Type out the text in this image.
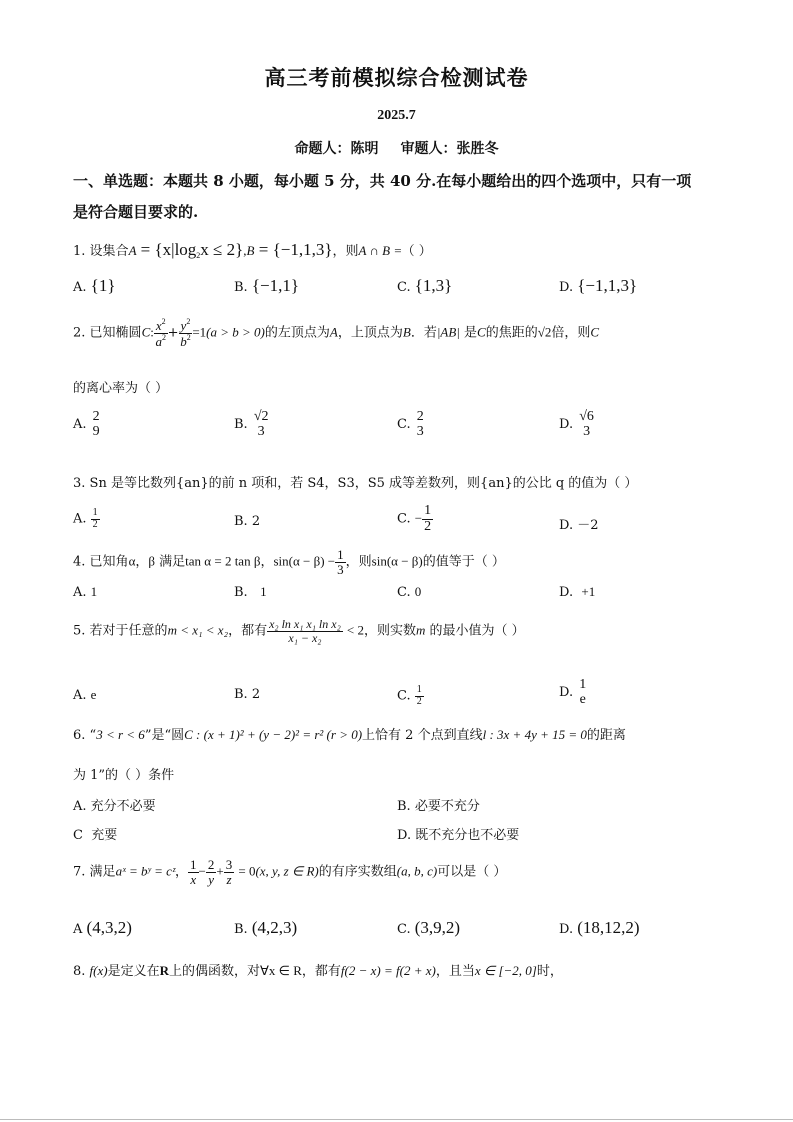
高三考前模拟综合检测试卷
2025.7
命题人：陈明 审题人：张胜冬
一、单选题：本题共 8 小题，每小题 5 分，共 40 分.在每小题给出的四个选项中，只有一项
是符合题目要求的.
1. 设集合$A = \{x|\log_2x \le 2\},B = \{-1,1,3\}$，则A ∩ B =（ ）
A. {1}	B. {−1,1}	C. {1,3}	D. {−1,1,3}
2. 已知椭圆C: $\frac{x^2}{a^2} + \frac{y^2}{b^2} =1(a > b > 0)$的左顶点为A，上顶点为B．若|AB| 是C的焦距的√2倍，则C
的离心率为（ ）
A.
2
9	B.
√2
3	C.
2
3	D.
√6
3
3. Sn 是等比数列{an}的前 n 项和，若 S4，S3，S5 成等差数列，则{an}的公比 q 的值为（ ）
A. $\frac{1}{2}$	B. 2	C. − $\frac{1}{2}$	D. －2
4. 已知角α，β 满足tan α = 2 tan β，$\sin(\alpha - \beta) - \frac{1}{3}$ ，则sin(α − β)的值等于（ ）
A. 1	B. 1	C. 0	D. +1
5. 若对于任意的m < x₁ < x₂，都有 $\frac{\text{x₂ ln x₁ x₁ ln x₂}}{\text{x₁ − x₂}} < 2$，则实数m 的最小值为（ ）
A. e	B. 2	C. $\frac{1}{2}$	D.
1
e
6. “3 < r < 6”是“圆C : (x + 1)² + (y − 2)² = r² (r > 0)上恰有 2 个点到直线l : 3x + 4y + 15 = 0的距离
为 1”的（ ）条件
A. 充分不必要	B. 必要不充分
C 充要	D. 既不充分也不必要
7. 满足aˣ = bʸ = cᶻ， $\frac{1}{x} - \frac{2}{y} + \frac{3}{z} = 0(x$, y, z ∈ R)的有序实数组(a, b, c)可以是（ ）
A (4,3,2)	B. (4,2,3)	C. (3,9,2)	D. (18,12,2)
8. f(x)是定义在R上的偶函数，对∀x ∈ R，都有f(2 − x) = f(2 + x)，且当x ∈ [−2, 0]时，
